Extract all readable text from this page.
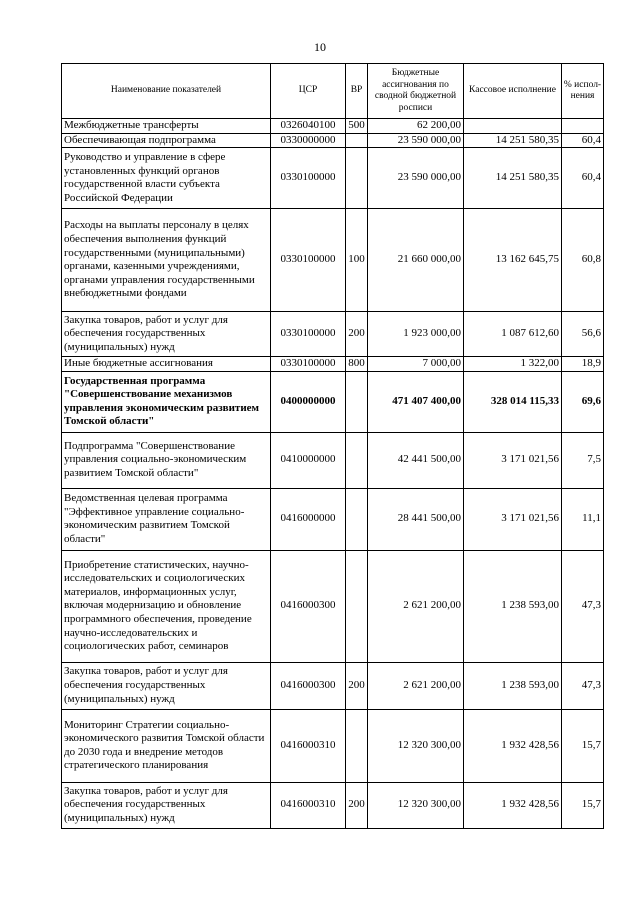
10
Наименование показателей	ЦСР	ВР	Бюджетные ассигнования по сводной бюджетной росписи	Кассовое исполнение	% испол-нения
Межбюджетные трансферты	0326040100	500	62 200,00		
Обеспечивающая подпрограмма	0330000000		23 590 000,00	14 251 580,35	60,4
Руководство и управление в сфере установленных функций органов государственной власти субъекта Российской Федерации	0330100000		23 590 000,00	14 251 580,35	60,4
Расходы на выплаты персоналу в целях обеспечения выполнения функций государственными (муниципальными) органами, казенными учреждениями, органами управления государственными внебюджетными фондами	0330100000	100	21 660 000,00	13 162 645,75	60,8
Закупка товаров, работ и услуг для обеспечения государственных (муниципальных) нужд	0330100000	200	1 923 000,00	1 087 612,60	56,6
Иные бюджетные ассигнования	0330100000	800	7 000,00	1 322,00	18,9
Государственная программа "Совершенствование механизмов управления экономическим развитием Томской области"	0400000000		471 407 400,00	328 014 115,33	69,6
Подпрограмма "Совершенствование управления социально-экономическим развитием Томской области"	0410000000		42 441 500,00	3 171 021,56	7,5
Ведомственная целевая программа "Эффективное управление социально-экономическим развитием Томской области"	0416000000		28 441 500,00	3 171 021,56	11,1
Приобретение статистических, научно-исследовательских и социологических материалов, информационных услуг, включая модернизацию и обновление программного обеспечения, проведение научно-исследовательских и социологических работ, семинаров	0416000300		2 621 200,00	1 238 593,00	47,3
Закупка товаров, работ и услуг для обеспечения государственных (муниципальных) нужд	0416000300	200	2 621 200,00	1 238 593,00	47,3
Мониторинг Стратегии социально-экономического развития Томской области до 2030 года и внедрение методов стратегического планирования	0416000310		12 320 300,00	1 932 428,56	15,7
Закупка товаров, работ и услуг для обеспечения государственных (муниципальных) нужд	0416000310	200	12 320 300,00	1 932 428,56	15,7
